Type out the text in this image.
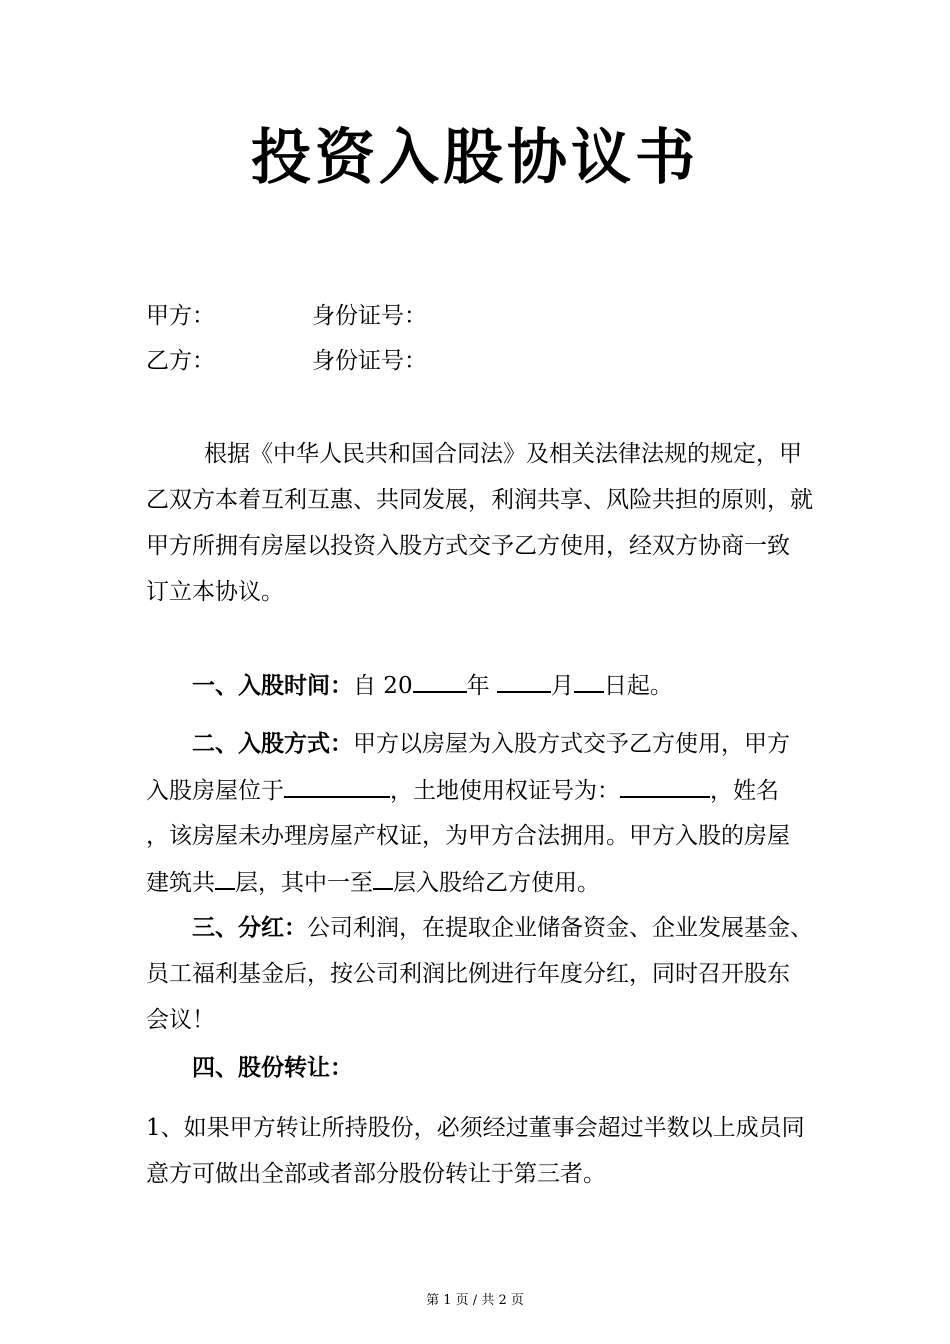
投资入股协议书
甲方：	身份证号：
乙方：	身份证号：
根据《中华人民共和国合同法》及相关法律法规的规定，甲
乙双方本着互利互惠、共同发展，利润共享、风险共担的原则，就
甲方所拥有房屋以投资入股方式交予乙方使用，经双方协商一致
订立本协议。
一、入股时间：自 20 年	月 日起。
二、入股方式：甲方以房屋为入股方式交予乙方使用，甲方
入股房屋位于	，土地使用权证号为：	，姓名
，该房屋未办理房屋产权证，为甲方合法拥用。甲方入股的房屋
建筑共 层，其中一至 层入股给乙方使用。
三、分红：公司利润，在提取企业储备资金、企业发展基金、
员工福利基金后，按公司利润比例进行年度分红，同时召开股东
会议！
四、股份转让：
1、如果甲方转让所持股份，必须经过董事会超过半数以上成员同
意方可做出全部或者部分股份转让于第三者。
第 1 页 / 共 2 页
